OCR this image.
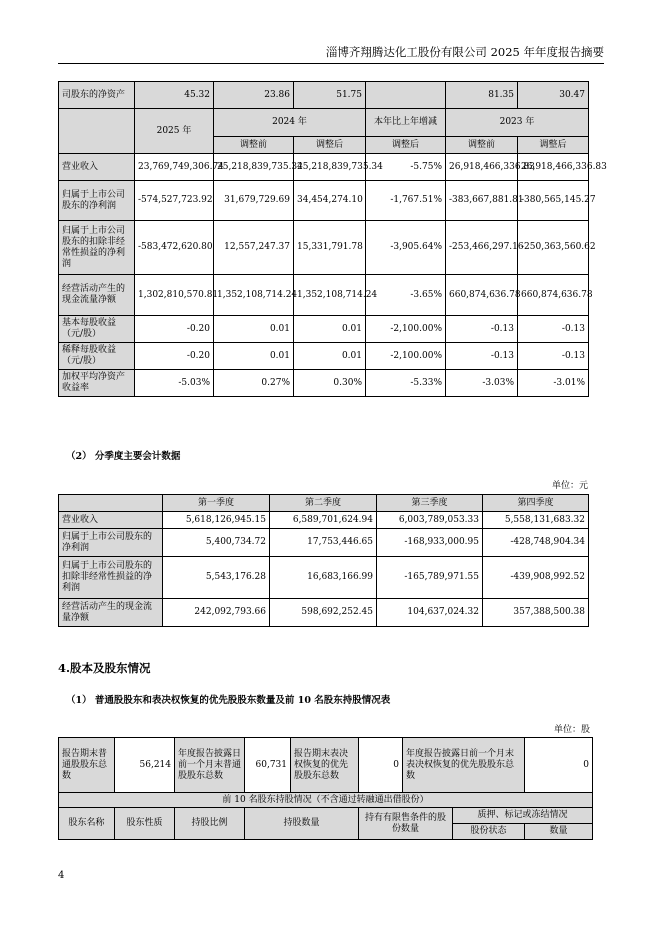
淄博齐翔腾达化工股份有限公司 2025 年年度报告摘要
司股东的净资产	45.32	23.86	51.75		81.35	30.47
	2025 年	2024 年		本年比上年增减	2023 年	
		调整前	调整后	调整后	调整前	调整后
营业收入	23,769,749,306.74	25,218,839,735.34	25,218,839,735.34	-5.75%	26,918,466,336.83	26,918,466,336.83
归属于上市公司股东的净利润	-574,527,723.92	31,679,729.69	34,454,274.10	-1,767.51%	-383,667,881.81	-380,565,145.27
归属于上市公司股东的扣除非经常性损益的净利润	-583,472,620.80	12,557,247.37	15,331,791.78	-3,905.64%	-253,466,297.16	-250,363,560.62
经营活动产生的现金流量净额	1,302,810,570.81	1,352,108,714.24	1,352,108,714.24	-3.65%	660,874,636.78	660,874,636.78
基本每股收益（元/股）	-0.20	0.01	0.01	-2,100.00%	-0.13	-0.13
稀释每股收益（元/股）	-0.20	0.01	0.01	-2,100.00%	-0.13	-0.13
加权平均净资产收益率	-5.03%	0.27%	0.30%	-5.33%	-3.03%	-3.01%
（2） 分季度主要会计数据
单位：元
	第一季度	第二季度	第三季度	第四季度
营业收入	5,618,126,945.15	6,589,701,624.94	6,003,789,053.33	5,558,131,683.32
归属于上市公司股东的净利润	5,400,734.72	17,753,446.65	-168,933,000.95	-428,748,904.34
归属于上市公司股东的扣除非经常性损益的净利润	5,543,176.28	16,683,166.99	-165,789,971.55	-439,908,992.52
经营活动产生的现金流量净额	242,092,793.66	598,692,252.45	104,637,024.32	357,388,500.38
4.股本及股东情况
（1） 普通股股东和表决权恢复的优先股股东数量及前 10 名股东持股情况表
单位：股
报告期末普通股股东总数	56,214	年度报告披露日前一个月末普通股股东总数	60,731	报告期末表决权恢复的优先股股东总数	0	年度报告披露日前一个月末表决权恢复的优先股股东总数		0
前 10 名股东持股情况（不含通过转融通出借股份）								
股东名称	股东性质	持股比例	持股数量		持有有限售条件的股份数量		质押、标记或冻结情况	
							股份状态	数量
4
